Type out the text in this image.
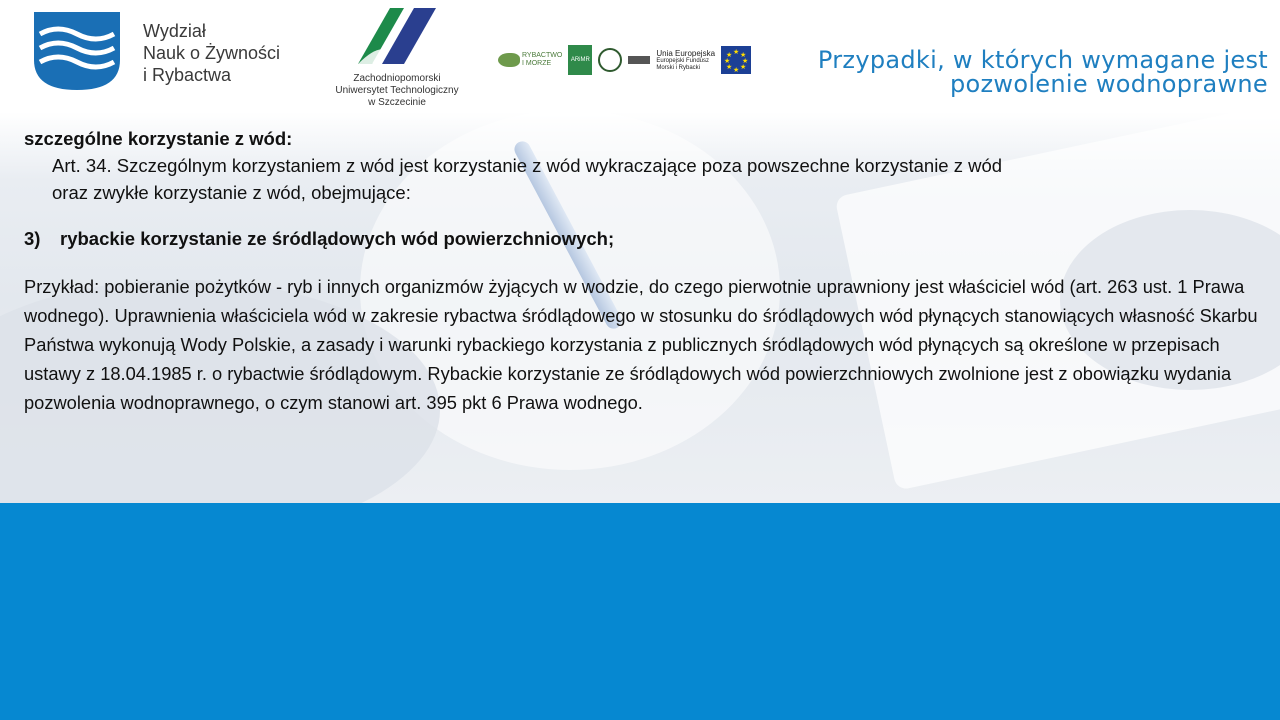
Wydział
Nauk o Żywności
i Rybactwa	Zachodniopomorski
Uniwersytet Technologiczny
w Szczecinie
RYBACTWO
I MORZE	ARiMR
Unia Europejska
Europejski Fundusz
Morski i Rybacki
★ ★
★
★
★
★
★
★	Przypadki, w których wymagane jest
pozwolenie wodnoprawne

szczególne korzystanie z wód:

Art. 34. Szczególnym korzystaniem z wód jest korzystanie z wód wykraczające poza powszechne korzystanie z wód oraz zwykłe korzystanie z wód, obejmujące:

3)	rybackie korzystanie ze śródlądowych wód powierzchniowych;

Przykład: pobieranie pożytków - ryb i innych organizmów żyjących w wodzie, do czego pierwotnie uprawniony jest właściciel wód (art. 263 ust. 1 Prawa wodnego). Uprawnienia właściciela wód w zakresie rybactwa śródlądowego w stosunku do śródlądowych wód płynących stanowiących własność Skarbu Państwa wykonują Wody Polskie, a zasady i warunki rybackiego korzystania z publicznych śródlądowych wód płynących są określone w przepisach ustawy z 18.04.1985 r. o rybactwie śródlądowym. Rybackie korzystanie ze śródlądowych wód powierzchniowych zwolnione jest z obowiązku wydania pozwolenia wodnoprawnego, o czym stanowi art. 395 pkt 6 Prawa wodnego.
